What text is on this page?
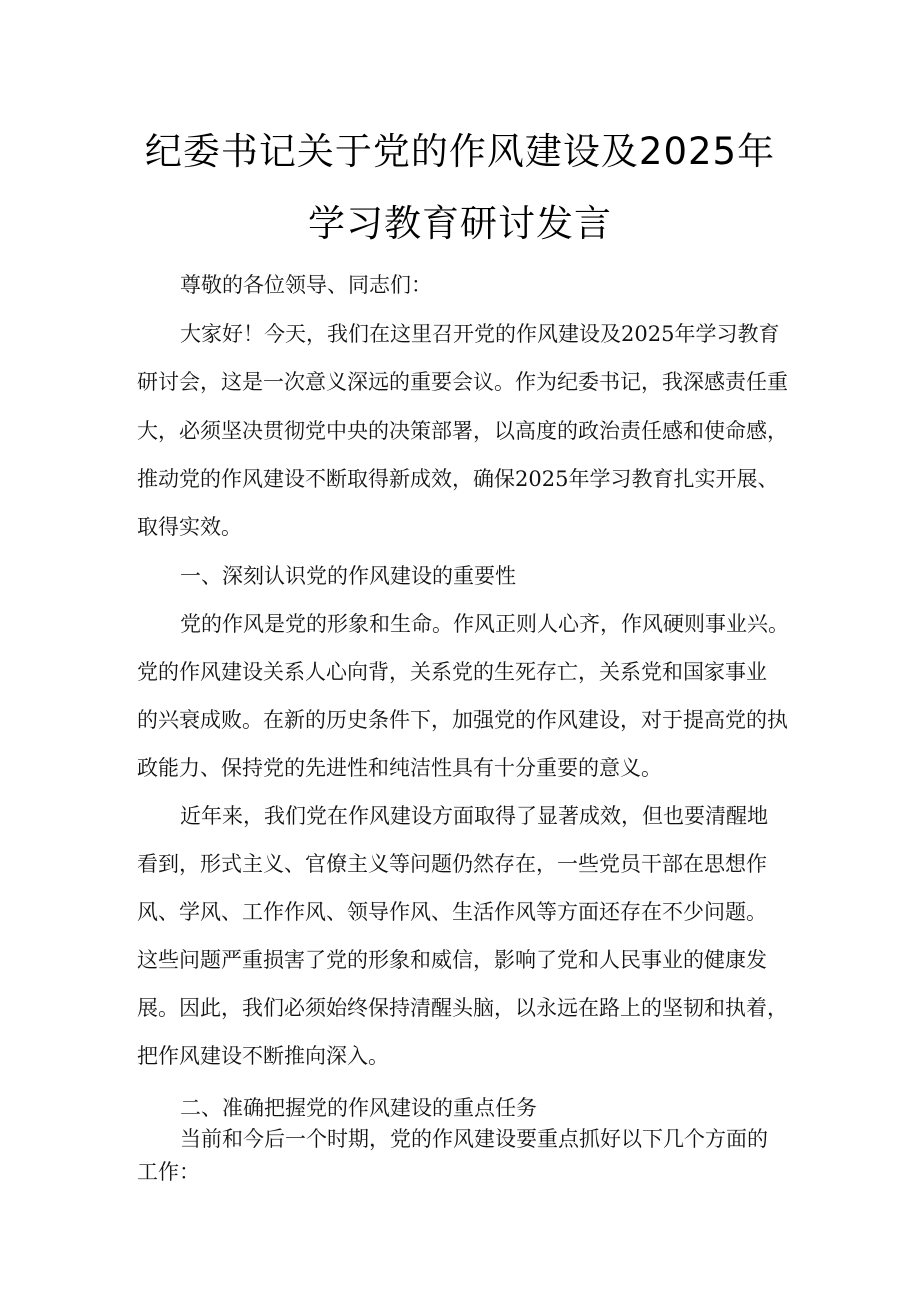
纪委书记关于党的作风建设及2025年
学习教育研讨发言
尊敬的各位领导、同志们：
大家好！今天，我们在这里召开党的作风建设及2025年学习教育
研讨会，这是一次意义深远的重要会议。作为纪委书记，我深感责任重
大，必须坚决贯彻党中央的决策部署，以高度的政治责任感和使命感，
推动党的作风建设不断取得新成效，确保2025年学习教育扎实开展、
取得实效。
一、深刻认识党的作风建设的重要性
党的作风是党的形象和生命。作风正则人心齐，作风硬则事业兴。
党的作风建设关系人心向背，关系党的生死存亡，关系党和国家事业
的兴衰成败。在新的历史条件下，加强党的作风建设，对于提高党的执
政能力、保持党的先进性和纯洁性具有十分重要的意义。
近年来，我们党在作风建设方面取得了显著成效，但也要清醒地
看到，形式主义、官僚主义等问题仍然存在，一些党员干部在思想作
风、学风、工作作风、领导作风、生活作风等方面还存在不少问题。
这些问题严重损害了党的形象和威信，影响了党和人民事业的健康发
展。因此，我们必须始终保持清醒头脑，以永远在路上的坚韧和执着，
把作风建设不断推向深入。
二、准确把握党的作风建设的重点任务
当前和今后一个时期，党的作风建设要重点抓好以下几个方面的
工作：
